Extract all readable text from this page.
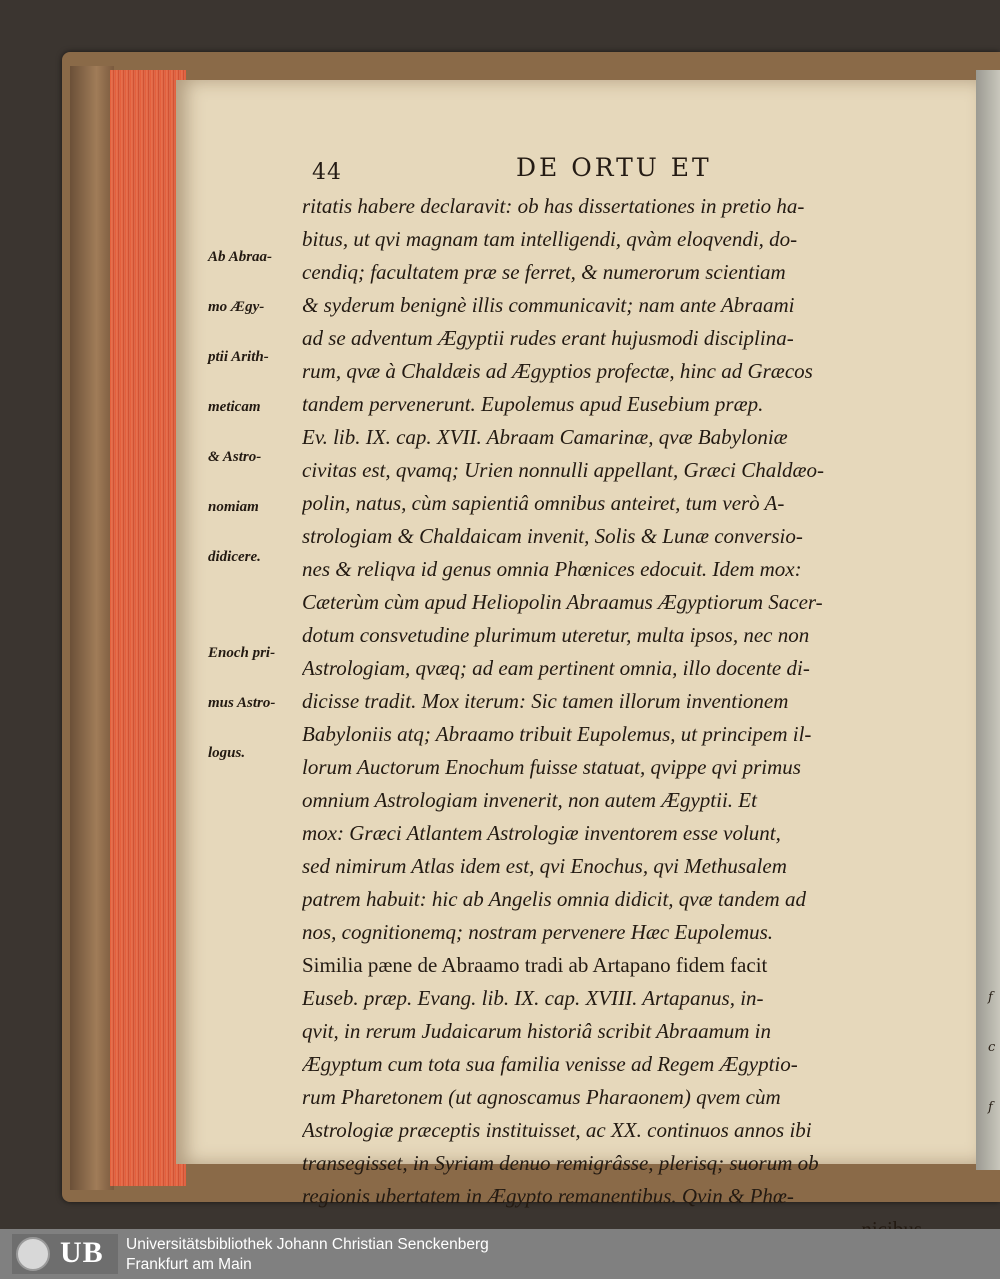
f
c
f
44	DE ORTU ET
ritatis habere declaravit: ob has dissertationes in pretio ha-
bitus, ut qvi magnam tam intelligendi, qvàm eloqvendi, do-
cendiq; facultatem præ se ferret, & numerorum scientiam
& syderum benignè illis communicavit; nam ante Abraami
ad se adventum Ægyptii rudes erant hujusmodi disciplina-
rum, qvæ à Chaldæis ad Ægyptios profectæ, hinc ad Græcos
tandem pervenerunt. Eupolemus apud Eusebium præp.
Ev. lib. IX. cap. XVII. Abraam Camarinæ, qvæ Babyloniæ
civitas est, qvamq; Urien nonnulli appellant, Græci Chaldæo-
polin, natus, cùm sapientiâ omnibus anteiret, tum verò A-
strologiam & Chaldaicam invenit, Solis & Lunæ conversio-
nes & reliqva id genus omnia Phœnices edocuit. Idem mox:
Cæterùm cùm apud Heliopolin Abraamus Ægyptiorum Sacer-
dotum consvetudine plurimum uteretur, multa ipsos, nec non
Astrologiam, qvæq; ad eam pertinent omnia, illo docente di-
dicisse tradit. Mox iterum: Sic tamen illorum inventionem
Babyloniis atq; Abraamo tribuit Eupolemus, ut principem il-
lorum Auctorum Enochum fuisse statuat, qvippe qvi primus
omnium Astrologiam invenerit, non autem Ægyptii. Et
mox: Græci Atlantem Astrologiæ inventorem esse volunt,
sed nimirum Atlas idem est, qvi Enochus, qvi Methusalem
patrem habuit: hic ab Angelis omnia didicit, qvæ tandem ad
nos, cognitionemq; nostram pervenere Hæc Eupolemus.
Similia pæne de Abraamo tradi ab Artapano fidem facit
Euseb. præp. Evang. lib. IX. cap. XVIII. Artapanus, in-
qvit, in rerum Judaicarum historiâ scribit Abraamum in
Ægyptum cum tota sua familia venisse ad Regem Ægyptio-
rum Pharetonem (ut agnoscamus Pharaonem) qvem cùm
Astrologiæ præceptis instituisset, ac XX. continuos annos ibi
transegisset, in Syriam denuo remigrâsse, plerisq; suorum ob
regionis ubertatem in Ægypto remanentibus. Qvin & Phœ-
Ab Abraa-
mo Ægy-
ptii Arith-
meticam
& Astro-
nomiam
didicere.
Enoch pri-
mus Astro-
logus.
UB Universitätsbibliothek Johann Christian Senckenberg
Frankfurt am Main
